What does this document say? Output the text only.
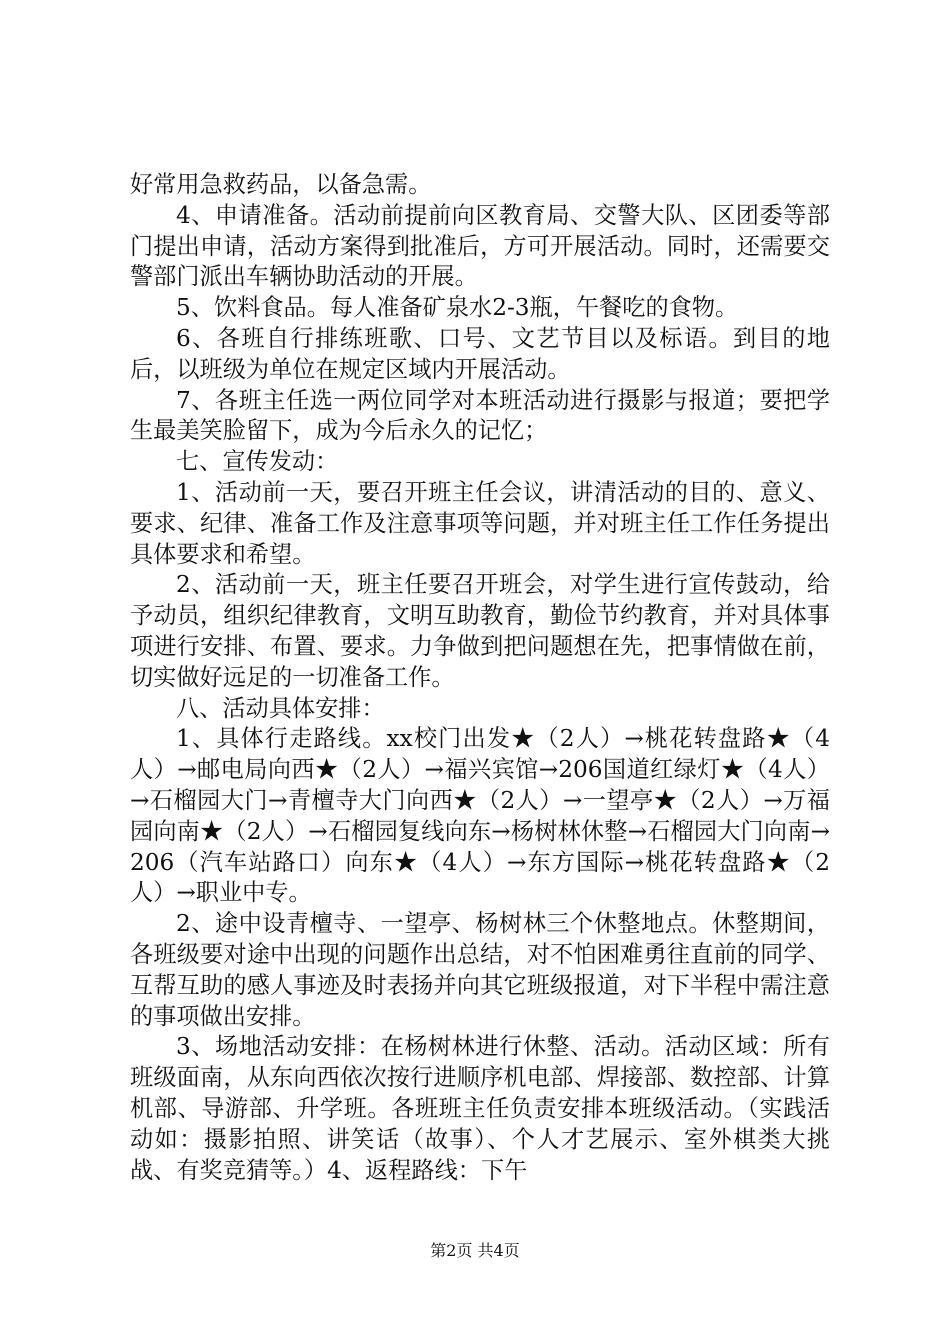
好常用急救药品，以备急需。

4、申请准备。活动前提前向区教育局、交警大队、区团委等部门提出申请，活动方案得到批准后，方可开展活动。同时，还需要交警部门派出车辆协助活动的开展。

5、饮料食品。每人准备矿泉水2-3瓶，午餐吃的食物。

6、各班自行排练班歌、口号、文艺节目以及标语。到目的地后，以班级为单位在规定区域内开展活动。

7、各班主任选一两位同学对本班活动进行摄影与报道；要把学生最美笑脸留下，成为今后永久的记忆；

七、宣传发动：

1、活动前一天，要召开班主任会议，讲清活动的目的、意义、要求、纪律、准备工作及注意事项等问题，并对班主任工作任务提出具体要求和希望。

2、活动前一天，班主任要召开班会，对学生进行宣传鼓动，给予动员，组织纪律教育，文明互助教育，勤俭节约教育，并对具体事项进行安排、布置、要求。力争做到把问题想在先，把事情做在前，切实做好远足的一切准备工作。

八、活动具体安排：

1、具体行走路线。xx校门出发★（2人）→桃花转盘路★（4人）→邮电局向西★（2人）→福兴宾馆→206国道红绿灯★（4人）→石榴园大门→青檀寺大门向西★（2人）→一望亭★（2人）→万福园向南★（2人）→石榴园复线向东→杨树林休整→石榴园大门向南→206（汽车站路口）向东★（4人）→东方国际→桃花转盘路★（2人）→职业中专。

2、途中设青檀寺、一望亭、杨树林三个休整地点。休整期间，各班级要对途中出现的问题作出总结，对不怕困难勇往直前的同学、互帮互助的感人事迹及时表扬并向其它班级报道，对下半程中需注意的事项做出安排。

3、场地活动安排：在杨树林进行休整、活动。活动区域：所有班级面南，从东向西依次按行进顺序机电部、焊接部、数控部、计算机部、导游部、升学班。各班班主任负责安排本班级活动。（实践活动如：摄影拍照、讲笑话（故事）、个人才艺展示、室外棋类大挑战、有奖竞猜等。）4、返程路线：下午

第2页 共4页
